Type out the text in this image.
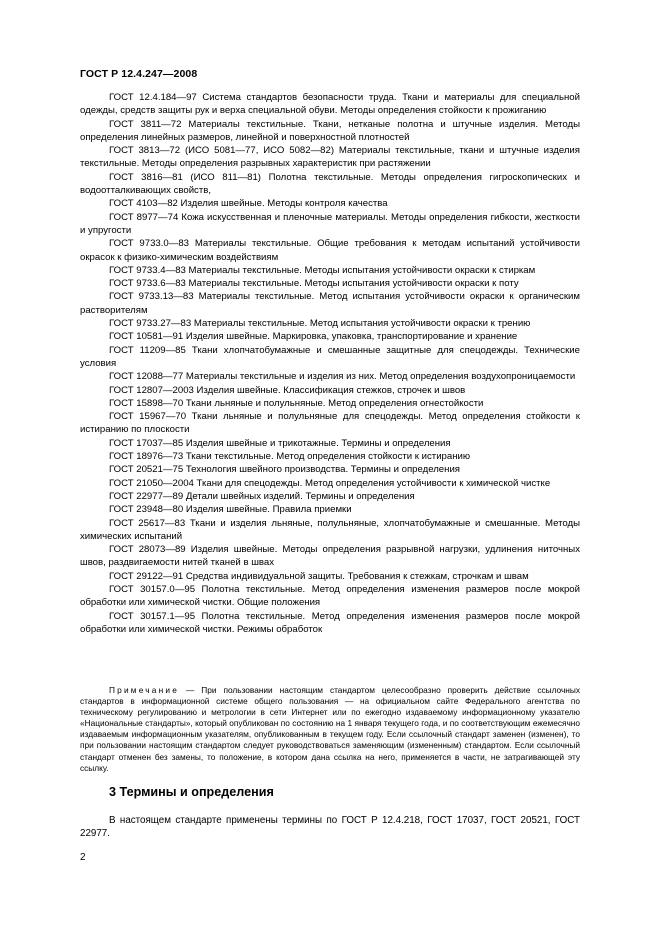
ГОСТ Р 12.4.247—2008
ГОСТ 12.4.184—97 Система стандартов безопасности труда. Ткани и материалы для специальной одежды, средств защиты рук и верха специальной обуви. Методы определения стойкости к прожиганию
ГОСТ 3811—72 Материалы текстильные. Ткани, нетканые полотна и штучные изделия. Методы определения линейных размеров, линейной и поверхностной плотностей
ГОСТ 3813—72 (ИСО 5081—77, ИСО 5082—82) Материалы текстильные, ткани и штучные изделия текстильные. Методы определения разрывных характеристик при растяжении
ГОСТ 3816—81 (ИСО 811—81) Полотна текстильные. Методы определения гигроскопических и водоотталкивающих свойств,
ГОСТ 4103—82 Изделия швейные. Методы контроля качества
ГОСТ 8977—74 Кожа искусственная и пленочные материалы. Методы определения гибкости, жесткости и упругости
ГОСТ 9733.0—83 Материалы текстильные. Общие требования к методам испытаний устойчивости окрасок к физико-химическим воздействиям
ГОСТ 9733.4—83 Материалы текстильные. Методы испытания устойчивости окраски к стиркам
ГОСТ 9733.6—83 Материалы текстильные. Методы испытания устойчивости окраски к поту
ГОСТ 9733.13—83 Материалы текстильные. Метод испытания устойчивости окраски к органическим растворителям
ГОСТ 9733.27—83 Материалы текстильные. Метод испытания устойчивости окраски к трению
ГОСТ 10581—91 Изделия швейные. Маркировка, упаковка, транспортирование и хранение
ГОСТ 11209—85 Ткани хлопчатобумажные и смешанные защитные для спецодежды. Технические условия
ГОСТ 12088—77 Материалы текстильные и изделия из них. Метод определения воздухопроницаемости
ГОСТ 12807—2003 Изделия швейные. Классификация стежков, строчек и швов
ГОСТ 15898—70 Ткани льняные и полульняные. Метод определения огнестойкости
ГОСТ 15967—70 Ткани льняные и полульняные для спецодежды. Метод определения стойкости к истиранию по плоскости
ГОСТ 17037—85 Изделия швейные и трикотажные. Термины и определения
ГОСТ 18976—73 Ткани текстильные. Метод определения стойкости к истиранию
ГОСТ 20521—75 Технология швейного производства. Термины и определения
ГОСТ 21050—2004 Ткани для спецодежды. Метод определения устойчивости к химической чистке
ГОСТ 22977—89 Детали швейных изделий. Термины и определения
ГОСТ 23948—80 Изделия швейные. Правила приемки
ГОСТ 25617—83 Ткани и изделия льняные, полульняные, хлопчатобумажные и смешанные. Методы химических испытаний
ГОСТ 28073—89 Изделия швейные. Методы определения разрывной нагрузки, удлинения ниточных швов, раздвигаемости нитей тканей в швах
ГОСТ 29122—91 Средства индивидуальной защиты. Требования к стежкам, строчкам и швам
ГОСТ 30157.0—95 Полотна текстильные. Метод определения изменения размеров после мокрой обработки или химической чистки. Общие положения
ГОСТ 30157.1—95 Полотна текстильные. Метод определения изменения размеров после мокрой обработки или химической чистки. Режимы обработок

Примечание — При пользовании настоящим стандартом целесообразно проверить действие ссылочных стандартов в информационной системе общего пользования — на официальном сайте Федерального агентства по техническому регулированию и метрологии в сети Интернет или по ежегодно издаваемому информационному указателю «Национальные стандарты», который опубликован по состоянию на 1 января текущего года, и по соответствующим ежемесячно издаваемым информационным указателям, опубликованным в текущем году. Если ссылочный стандарт заменен (изменен), то при пользовании настоящим стандартом следует руководствоваться заменяющим (измененным) стандартом. Если ссылочный стандарт отменен без замены, то положение, в котором дана ссылка на него, применяется в части, не затрагивающей эту ссылку.

3 Термины и определения
В настоящем стандарте применены термины по ГОСТ Р 12.4.218, ГОСТ 17037, ГОСТ 20521, ГОСТ 22977.
2
